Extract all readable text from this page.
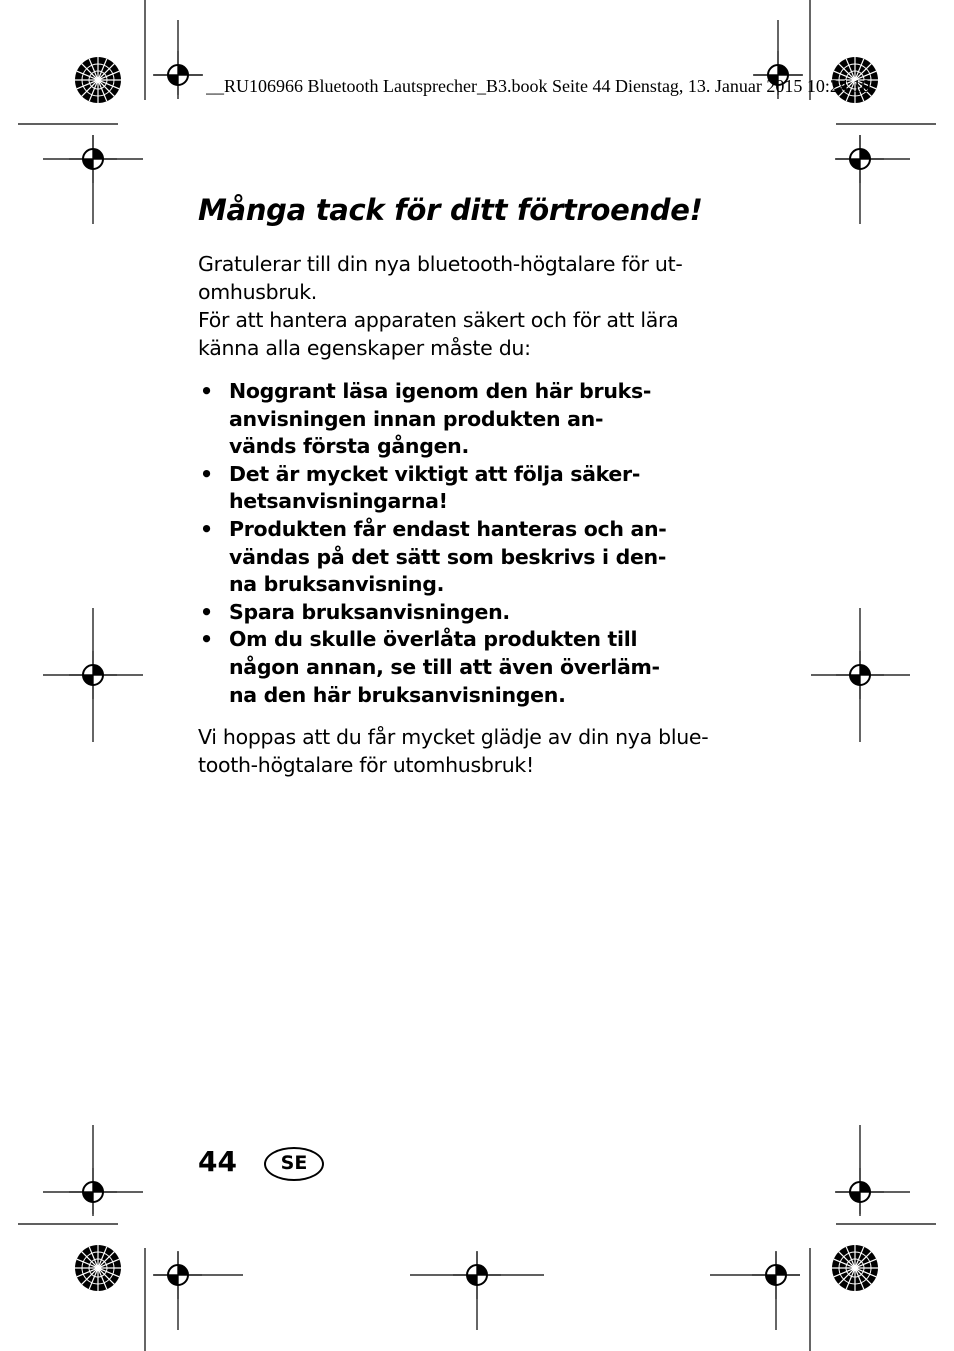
__RU106966 Bluetooth Lautsprecher_B3.book Seite 44 Dienstag, 13. Januar 2015 10:24 10
Många tack för ditt förtroende!
Gratulerar till din nya bluetooth-högtalare för ut-
omhusbruk.
För att hantera apparaten säkert och för att lära
känna alla egenskaper måste du:
• Noggrant läsa igenom den här bruks-
anvisningen innan produkten an-
vänds första gången.
• Det är mycket viktigt att följa säker-
hetsanvisningarna!
• Produkten får endast hanteras och an-
vändas på det sätt som beskrivs i den-
na bruksanvisning.
• Spara bruksanvisningen.
• Om du skulle överlåta produkten till
någon annan, se till att även överläm-
na den här bruksanvisningen.
Vi hoppas att du får mycket glädje av din nya blue-
tooth-högtalare för utomhusbruk!
44	SE
